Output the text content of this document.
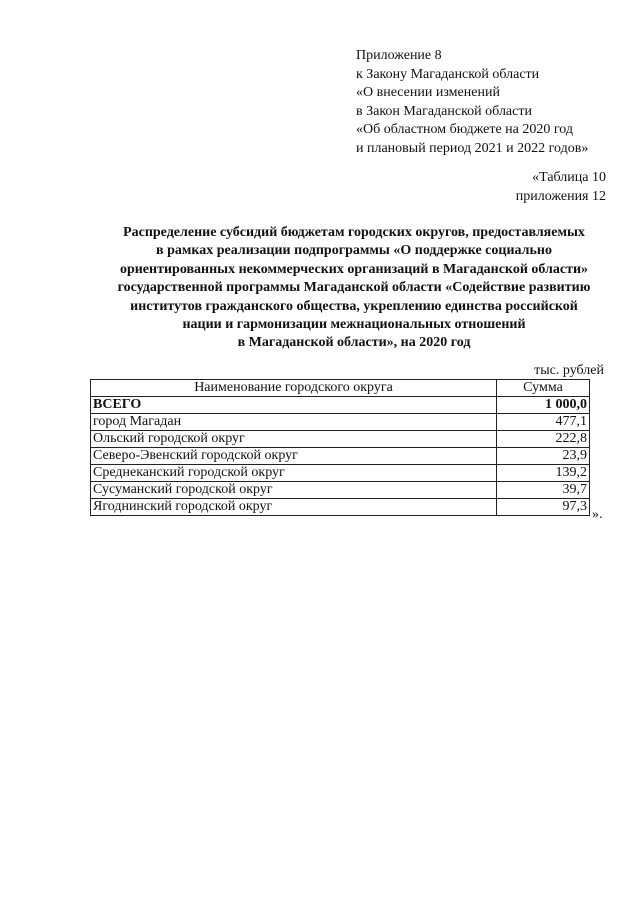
Приложение 8
к Закону Магаданской области
«О внесении изменений
в Закон Магаданской области
«Об областном бюджете на 2020 год
и плановый период 2021 и 2022 годов»
«Таблица 10
приложения 12
Распределение субсидий бюджетам городских округов, предоставляемых
в рамках реализации подпрограммы «О поддержке социально
ориентированных некоммерческих организаций в Магаданской области»
государственной программы Магаданской области «Содействие развитию
институтов гражданского общества, укреплению единства российской
нации и гармонизации межнациональных отношений
в Магаданской области», на 2020 год
тыс. рублей
Наименование городского округа	Сумма
ВСЕГО	1 000,0
город Магадан	477,1
Ольский городской округ	222,8
Северо-Эвенский городской округ	23,9
Среднеканский городской округ	139,2
Сусуманский городской округ	39,7
Ягоднинский городской округ	97,3
».
